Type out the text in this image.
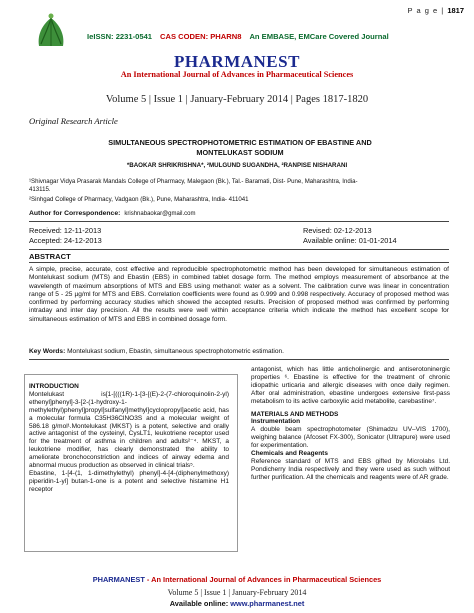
P a g e | 1817
IeISSN: 2231-0541 CAS CODEN: PHARN8 An EMBASE, EMCare Covered Journal
PHARMANEST
An International Journal of Advances in Pharmaceutical Sciences
Volume 5 | Issue 1 | January-February 2014 | Pages 1817-1820
Original Research Article
SIMULTANEOUS SPECTROPHOTOMETRIC ESTIMATION OF EBASTINE AND
MONTELUKAST SODIUM
*BAOKAR SHRIKRISHNA*, ²MULGUND SUGANDHA, ²RANPISE NISHARANI
¹Shivnagar Vidya Prasarak Mandals College of Pharmacy, Malegaon (Bk.), Tal.- Baramati, Dist- Pune, Maharashtra, India-
413115.
²Sinhgad College of Pharmacy, Vadgaon (Bk.), Pune, Maharashtra, India- 411041
Author for Correspondence: krishnabaokar@gmail.com
Received: 12-11-2013	Revised: 02-12-2013
Accepted: 24-12-2013	Available online: 01-01-2014
ABSTRACT
A simple, precise, accurate, cost effective and reproducible spectrophotometric method has been developed for simultaneous estimation of Montelukast sodium (MTS) and Ebastin (EBS) in combined tablet dosage form. The method employs measurement of absorbance at the wavelength of maximum absorptions of MTS and EBS using methanol: water as a solvent. The calibration curve was linear in concentration range of 5 - 25 µg/ml for MTS and EBS. Correlation coefficients were found as 0.999 and 0.998 respectively. Accuracy of proposed method was confirmed by performing accuracy studies which showed the accepted results. Precision of proposed method was confirmed by performing intraday and inter day precision. All the results were well within acceptance criteria which indicate the method has excellent scope for simultaneous estimation of MTS and EBS in combined dosage form.
Key Words: Montelukast sodium, Ebastin, simultaneous spectrophotometric estimation.
INTRODUCTION
Montelukast is[1-[(((1R)-1-[3-[(E)-2-(7-chloroquinolin-2-yl) ethenyl]phenyl]-3-[2-(1-hydroxy-1-methylethyl)phenyl]propyl]sulfanyl]methyl]cyclopropyl]acetic acid, has a molecular formula C35H36ClNO3S and a molecular weight of 586.18 g/mol¹.Montelukast (MKST) is a potent, selective and orally active antagonist of the cysteinyl, CysLT1, leukotriene receptor used for the treatment of asthma in children and adults²⁻⁴. MKST, a leukotriene modifier, has clearly demonstrated the ability to ameliorate bronchoconstriction and indices of airway edema and abnormal mucus production as observed in clinical trials⁵.
Ebastine, 1-[4-(1, 1-dimethylethyl) phenyl]-4-[4-(diphenylmethoxy) piperidin-1-yl] butan-1-one is a potent and selective histamine H1 receptor
antagonist, which has little anticholinergic and antiserotoninergic properties ⁶. Ebastine is effective for the treatment of chronic idiopathic urticaria and allergic diseases with once daily regimen. After oral administration, ebastine undergoes extensive first-pass metabolism to its active carboxylic acid metabolite, carebastine⁷.
MATERIALS AND METHODS
Instrumentation
A double beam spectrophotometer (Shimadzu UV–VIS 1700), weighing balance (Afcoset FX-300), Sonicator (Ultrapure) were used for experimentation.
Chemicals and Reagents
Reference standard of MTS and EBS gifted by Microlabs Ltd. Pondicherry India respectively and they were used as such without further purification. All the chemicals and reagents were of AR grade.
PHARMANEST - An International Journal of Advances in Pharmaceutical Sciences
Volume 5 | Issue 1 | January-February 2014
Available online: www.pharmanest.net
